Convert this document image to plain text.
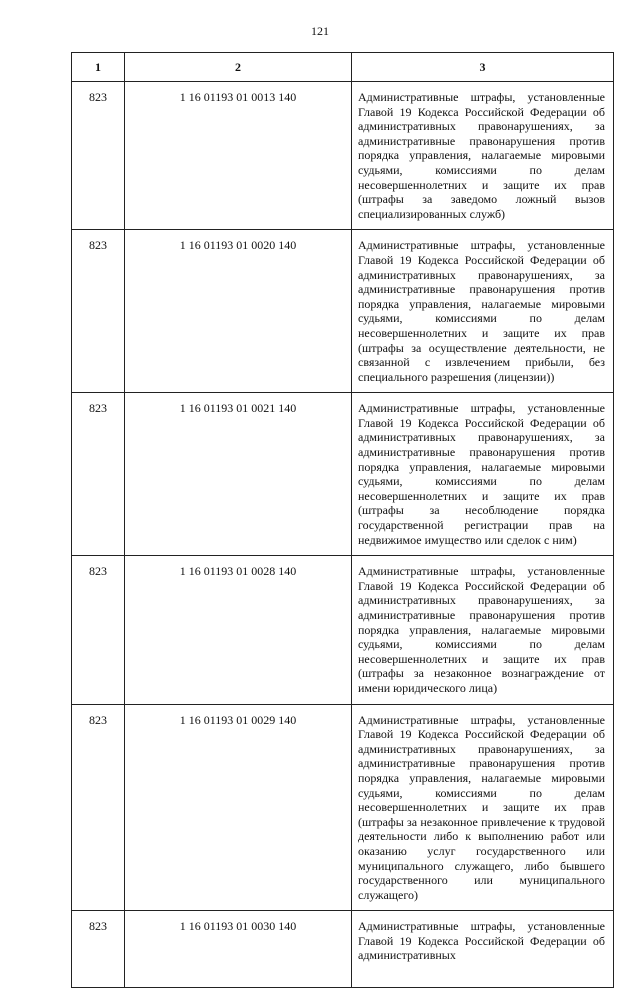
121
1	2	3
823	1 16 01193 01 0013 140	Административные штрафы, установленные Главой 19 Кодекса Российской Федерации об административных правонарушениях, за административные правонарушения против порядка управления, налагаемые мировыми судьями, комиссиями по делам несовершеннолетних и защите их прав (штрафы за заведомо ложный вызов специализированных служб)
823	1 16 01193 01 0020 140	Административные штрафы, установленные Главой 19 Кодекса Российской Федерации об административных правонарушениях, за административные правонарушения против порядка управления, налагаемые мировыми судьями, комиссиями по делам несовершеннолетних и защите их прав (штрафы за осуществление деятельности, не связанной с извлечением прибыли, без специального разрешения (лицензии))
823	1 16 01193 01 0021 140	Административные штрафы, установленные Главой 19 Кодекса Российской Федерации об административных правонарушениях, за административные правонарушения против порядка управления, налагаемые мировыми судьями, комиссиями по делам несовершеннолетних и защите их прав (штрафы за несоблюдение порядка государственной регистрации прав на недвижимое имущество или сделок с ним)
823	1 16 01193 01 0028 140	Административные штрафы, установленные Главой 19 Кодекса Российской Федерации об административных правонарушениях, за административные правонарушения против порядка управления, налагаемые мировыми судьями, комиссиями по делам несовершеннолетних и защите их прав (штрафы за незаконное вознаграждение от имени юридического лица)
823	1 16 01193 01 0029 140	Административные штрафы, установленные Главой 19 Кодекса Российской Федерации об административных правонарушениях, за административные правонарушения против порядка управления, налагаемые мировыми судьями, комиссиями по делам несовершеннолетних и защите их прав (штрафы за незаконное привлечение к трудовой деятельности либо к выполнению работ или оказанию услуг государственного или муниципального служащего, либо бывшего государственного или муниципального служащего)
823	1 16 01193 01 0030 140	Административные штрафы, установленные Главой 19 Кодекса Российской Федерации об административных
